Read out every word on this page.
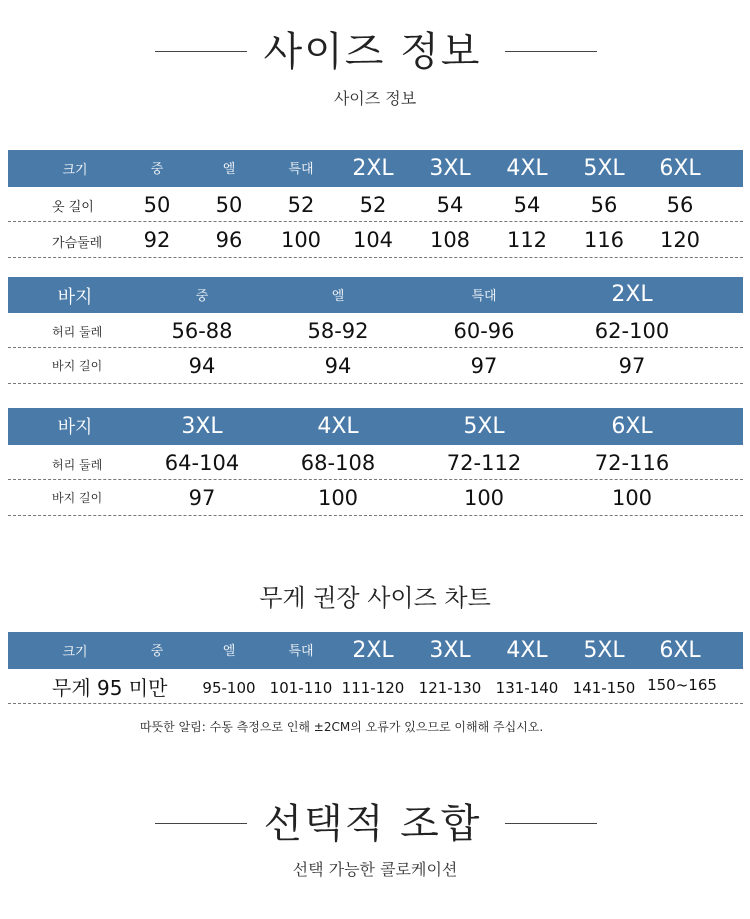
사이즈 정보
사이즈 정보
크기	중	엘	특대 2XL 3XL 4XL 5XL 6XL
옷 길이 50 50 52 52 54 54 56 56
가슴둘레 92 96 100 104 108 112 116 120
바지	중	엘	특대	2XL
허리 둘레	56-88	58-92	60-96	62-100
바지 길이	94	94	97	97
바지	3XL	4XL	5XL	6XL
허리 둘레	64-104	68-108	72-112	72-116
바지 길이	97	100	100	100
무게 권장 사이즈 차트
크기	중	엘	특대 2XL 3XL 4XL 5XL 6XL
무게 95 미만 95-100 101-110 111-120 121-130 131-140 141-150 150~165
따뜻한 알림: 수동 측정으로 인해 ±2CM의 오류가 있으므로 이해해 주십시오.
선택적 조합
선택 가능한 콜로케이션
